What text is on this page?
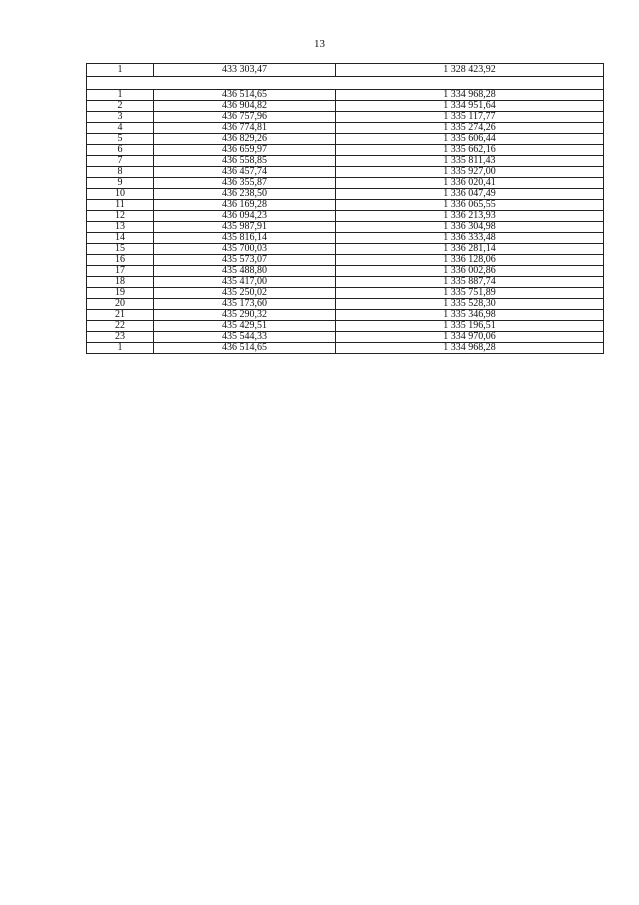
13
1	433 303,47	1 328 423,92

1	436 514,65	1 334 968,28
2	436 904,82	1 334 951,64
3	436 757,96	1 335 117,77
4	436 774,81	1 335 274,26
5	436 829,26	1 335 606,44
6	436 659,97	1 335 662,16
7	436 558,85	1 335 811,43
8	436 457,74	1 335 927,00
9	436 355,87	1 336 020,41
10	436 238,50	1 336 047,49
11	436 169,28	1 336 065,55
12	436 094,23	1 336 213,93
13	435 987,91	1 336 304,98
14	435 816,14	1 336 333,48
15	435 700,03	1 336 281,14
16	435 573,07	1 336 128,06
17	435 488,80	1 336 002,86
18	435 417,00	1 335 887,74
19	435 250,02	1 335 751,89
20	435 173,60	1 335 528,30
21	435 290,32	1 335 346,98
22	435 429,51	1 335 196,51
23	435 544,33	1 334 970,06
1	436 514,65	1 334 968,28
